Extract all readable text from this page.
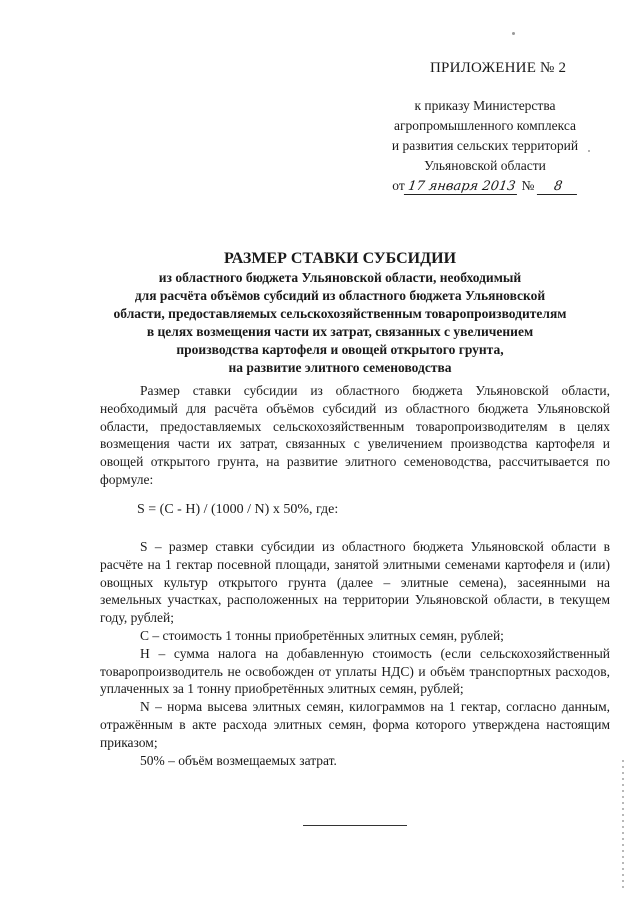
ПРИЛОЖЕНИЕ № 2
к приказу Министерства
агропромышленного комплекса
и развития сельских территорий
Ульяновской области
от 17 января 2013
№
	8
РАЗМЕР СТАВКИ СУБСИДИИ
из областного бюджета Ульяновской области, необходимый
для расчёта объёмов субсидий из областного бюджета Ульяновской
области, предоставляемых сельскохозяйственным товаропроизводителям
в целях возмещения части их затрат, связанных с увеличением
производства картофеля и овощей открытого грунта,
на развитие элитного семеноводства

Размер ставки субсидии из областного бюджета Ульяновской области, необходимый для расчёта объёмов субсидий из областного бюджета Ульяновской области, предоставляемых сельскохозяйственным товаропроизводителям в целях возмещения части их затрат, связанных с увеличением производства картофеля и овощей открытого грунта, на развитие элитного семеноводства, рассчитывается по формуле:

S = (С - Н) / (1000 / N) х 50%, где:

S – размер ставки субсидии из областного бюджета Ульяновской области в расчёте на 1 гектар посевной площади, занятой элитными семенами картофеля и (или) овощных культур открытого грунта (далее – элитные семена), засеянными на земельных участках, расположенных на территории Ульяновской области, в текущем году, рублей;

С – стоимость 1 тонны приобретённых элитных семян, рублей;

Н – сумма налога на добавленную стоимость (если сельскохозяйственный товаропроизводитель не освобожден от уплаты НДС) и объём транспортных расходов, уплаченных за 1 тонну приобретённых элитных семян, рублей;

N – норма высева элитных семян, килограммов на 1 гектар, согласно данным, отражённым в акте расхода элитных семян, форма которого утверждена настоящим приказом;

50% – объём возмещаемых затрат.
